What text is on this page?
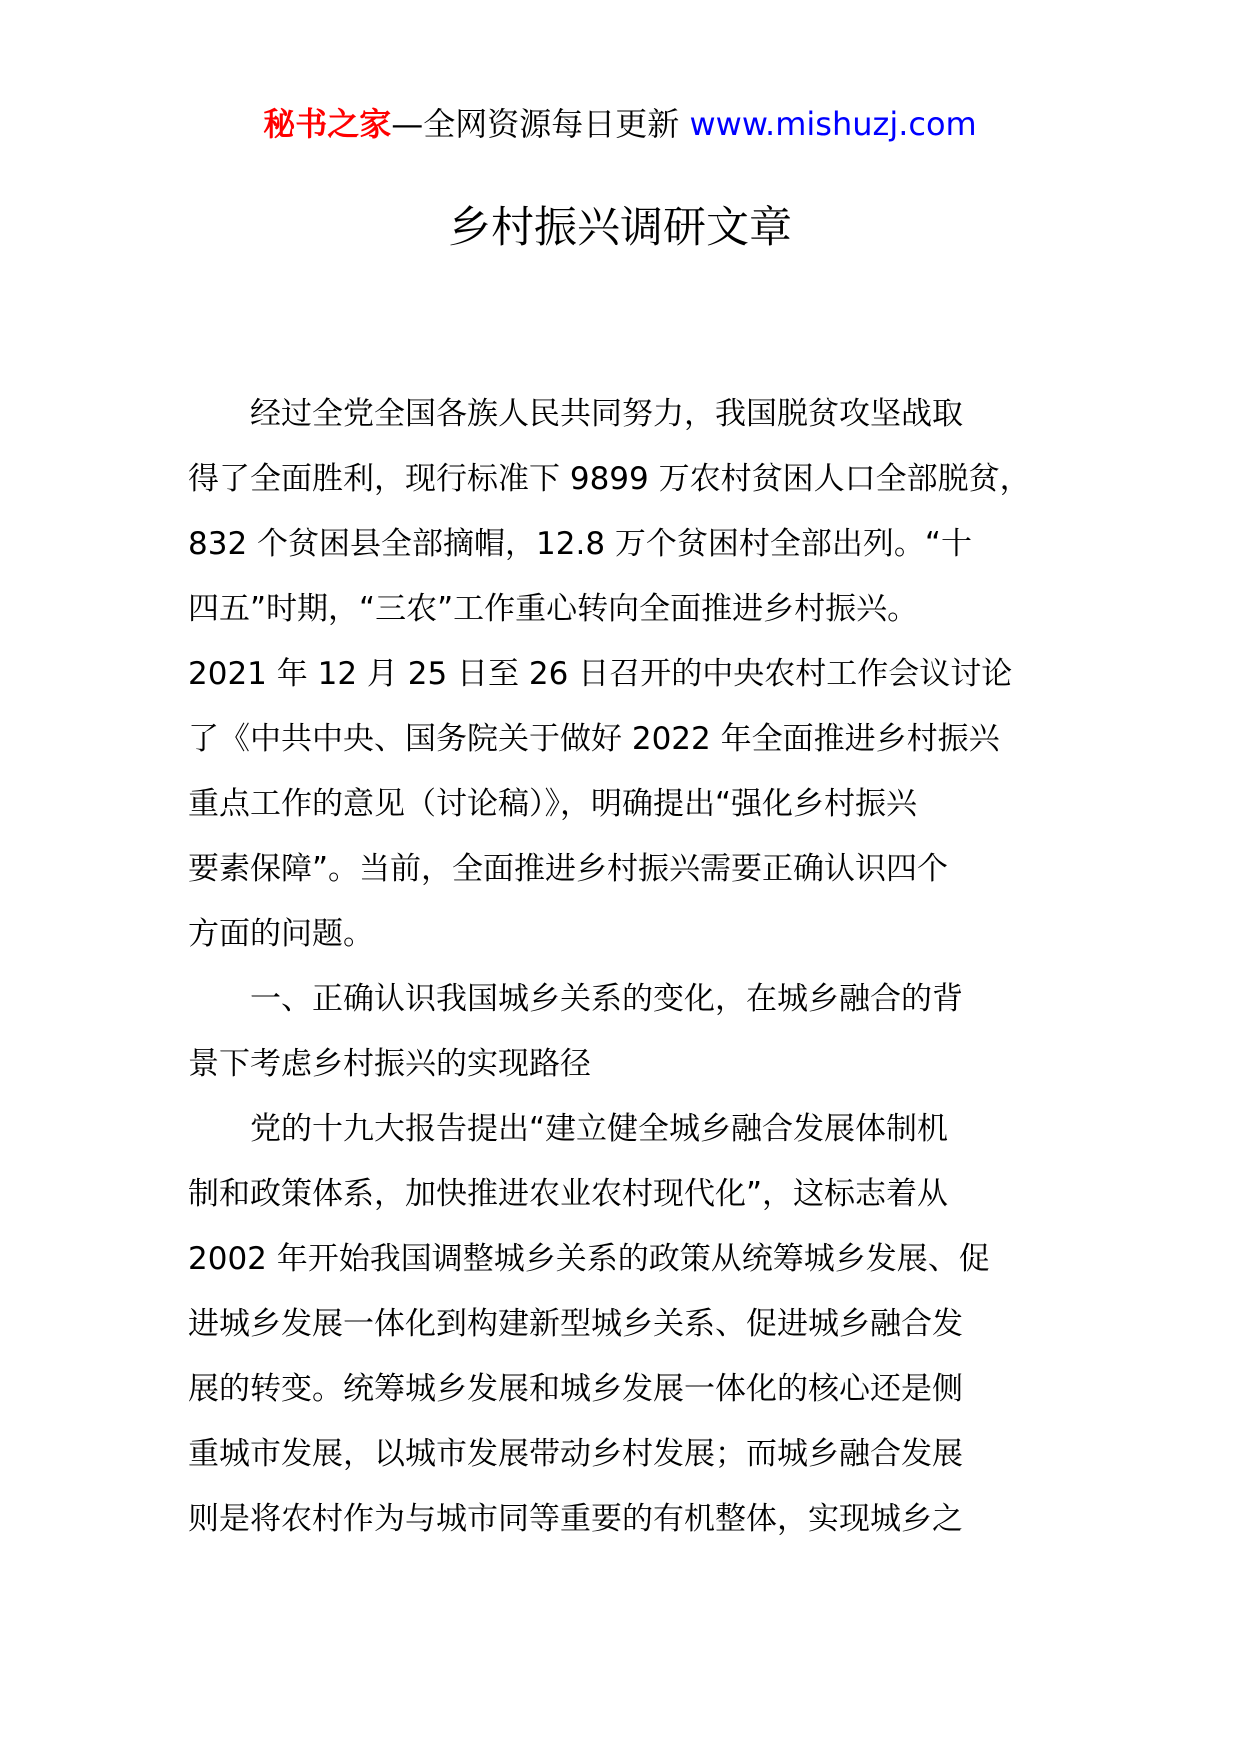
秘书之家—全网资源每日更新 www.mishuzj.com
乡村振兴调研文章
经过全党全国各族人民共同努力，我国脱贫攻坚战取
得了全面胜利，现行标准下 9899 万农村贫困人口全部脱贫，
832 个贫困县全部摘帽，12.8 万个贫困村全部出列。“十
四五”时期，“三农”工作重心转向全面推进乡村振兴。
2021 年 12 月 25 日至 26 日召开的中央农村工作会议讨论
了《中共中央、国务院关于做好 2022 年全面推进乡村振兴
重点工作的意见（讨论稿）》，明确提出“强化乡村振兴
要素保障”。当前，全面推进乡村振兴需要正确认识四个
方面的问题。
一、正确认识我国城乡关系的变化，在城乡融合的背
景下考虑乡村振兴的实现路径
党的十九大报告提出“建立健全城乡融合发展体制机
制和政策体系，加快推进农业农村现代化”，这标志着从
2002 年开始我国调整城乡关系的政策从统筹城乡发展、促
进城乡发展一体化到构建新型城乡关系、促进城乡融合发
展的转变。统筹城乡发展和城乡发展一体化的核心还是侧
重城市发展，以城市发展带动乡村发展；而城乡融合发展
则是将农村作为与城市同等重要的有机整体，实现城乡之
